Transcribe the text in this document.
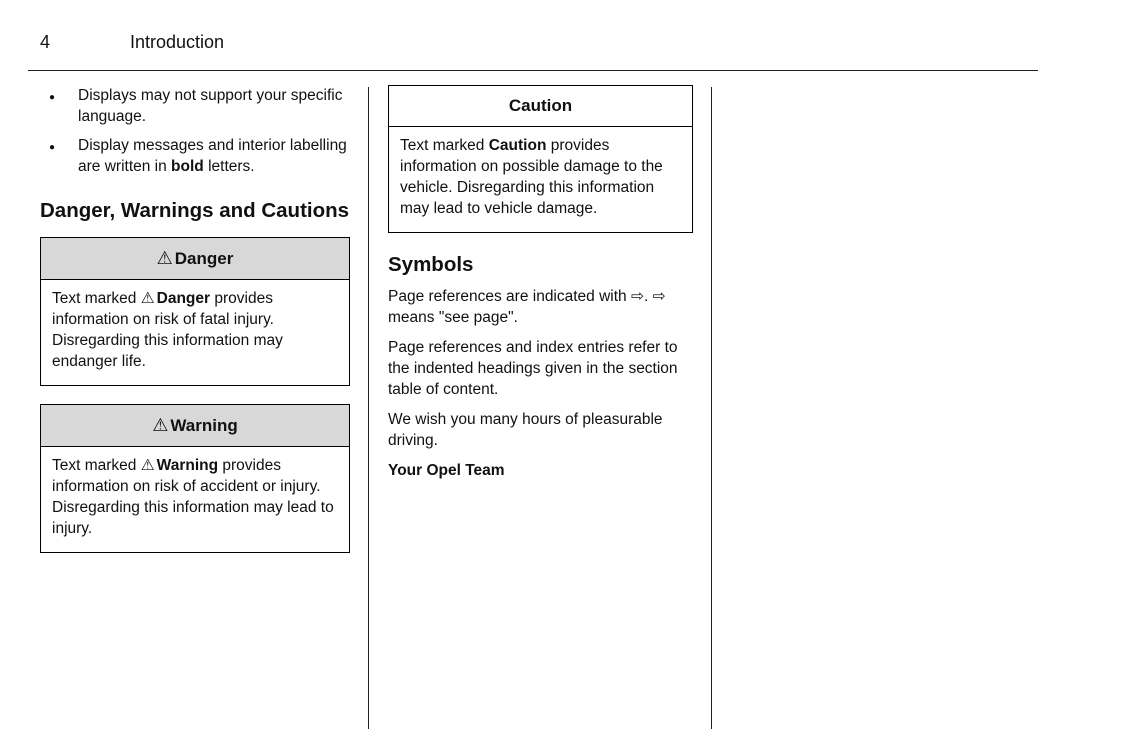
4	Introduction
● Displays may not support your specific language.
● Display messages and interior labelling are written in bold letters.
Danger, Warnings and Cautions
⚠ Danger
Text marked ⚠ Danger provides information on risk of fatal injury. Disregarding this information may endanger life.
⚠ Warning
Text marked ⚠ Warning provides information on risk of accident or injury. Disregarding this information may lead to injury.
Caution
Text marked Caution provides information on possible damage to the vehicle. Disregarding this information may lead to vehicle damage.
Symbols

Page references are indicated with ⇨. ⇨ means "see page".

Page references and index entries refer to the indented headings given in the section table of content.

We wish you many hours of pleasurable driving.

Your Opel Team
